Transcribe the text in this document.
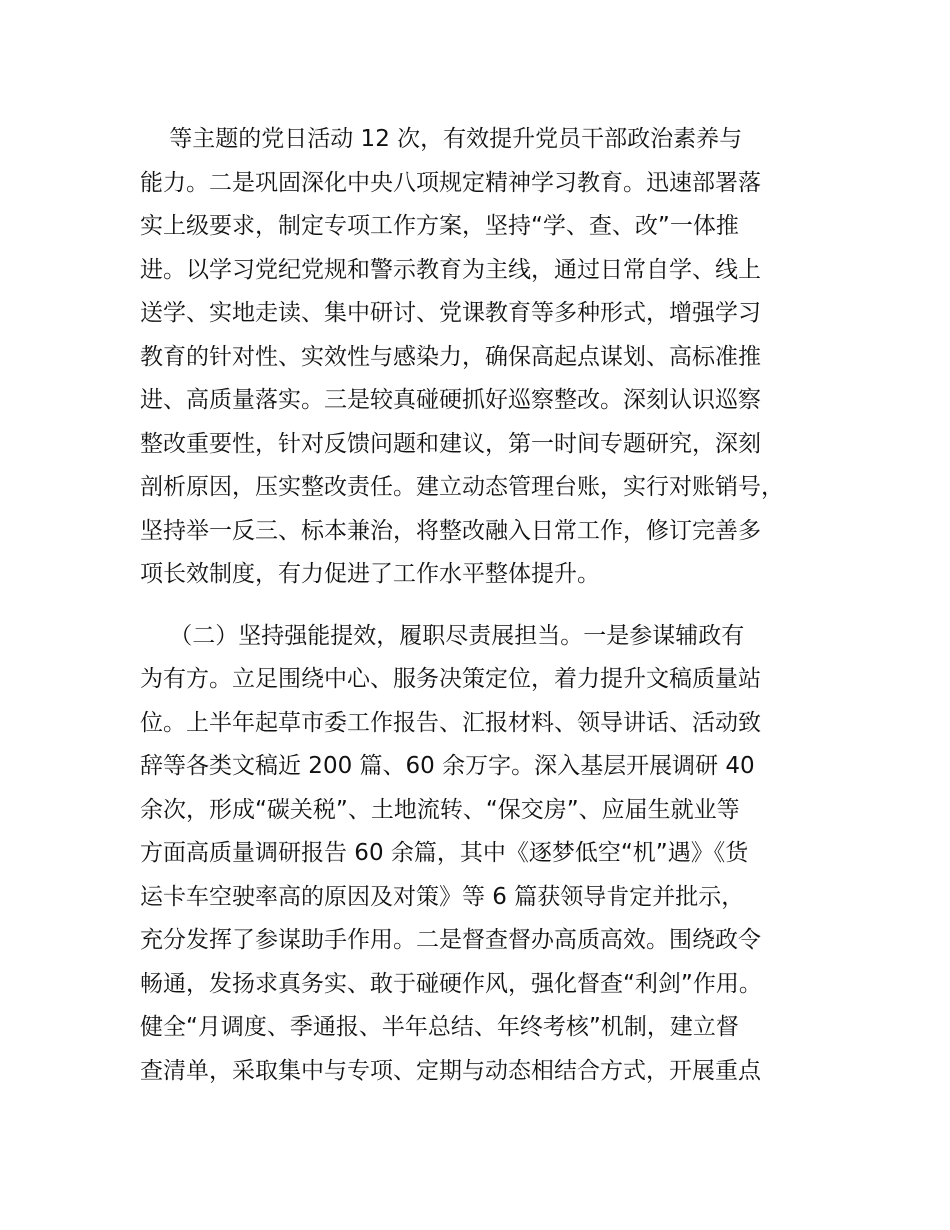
等主题的党日活动 12 次，有效提升党员干部政治素养与
能力。二是巩固深化中央八项规定精神学习教育。迅速部署落
实上级要求，制定专项工作方案，坚持“学、查、改”一体推
进。以学习党纪党规和警示教育为主线，通过日常自学、线上
送学、实地走读、集中研讨、党课教育等多种形式，增强学习
教育的针对性、实效性与感染力，确保高起点谋划、高标准推
进、高质量落实。三是较真碰硬抓好巡察整改。深刻认识巡察
整改重要性，针对反馈问题和建议，第一时间专题研究，深刻
剖析原因，压实整改责任。建立动态管理台账，实行对账销号，
坚持举一反三、标本兼治，将整改融入日常工作，修订完善多
项长效制度，有力促进了工作水平整体提升。
（二）坚持强能提效，履职尽责展担当。一是参谋辅政有
为有方。立足围绕中心、服务决策定位，着力提升文稿质量站
位。上半年起草市委工作报告、汇报材料、领导讲话、活动致
辞等各类文稿近 200 篇、60 余万字。深入基层开展调研 40
余次，形成“碳关税”、土地流转、“保交房”、应届生就业等
方面高质量调研报告 60 余篇，其中《逐梦低空“机”遇》《货
运卡车空驶率高的原因及对策》等 6 篇获领导肯定并批示，
充分发挥了参谋助手作用。二是督查督办高质高效。围绕政令
畅通，发扬求真务实、敢于碰硬作风，强化督查“利剑”作用。
健全“月调度、季通报、半年总结、年终考核”机制，建立督
查清单，采取集中与专项、定期与动态相结合方式，开展重点
